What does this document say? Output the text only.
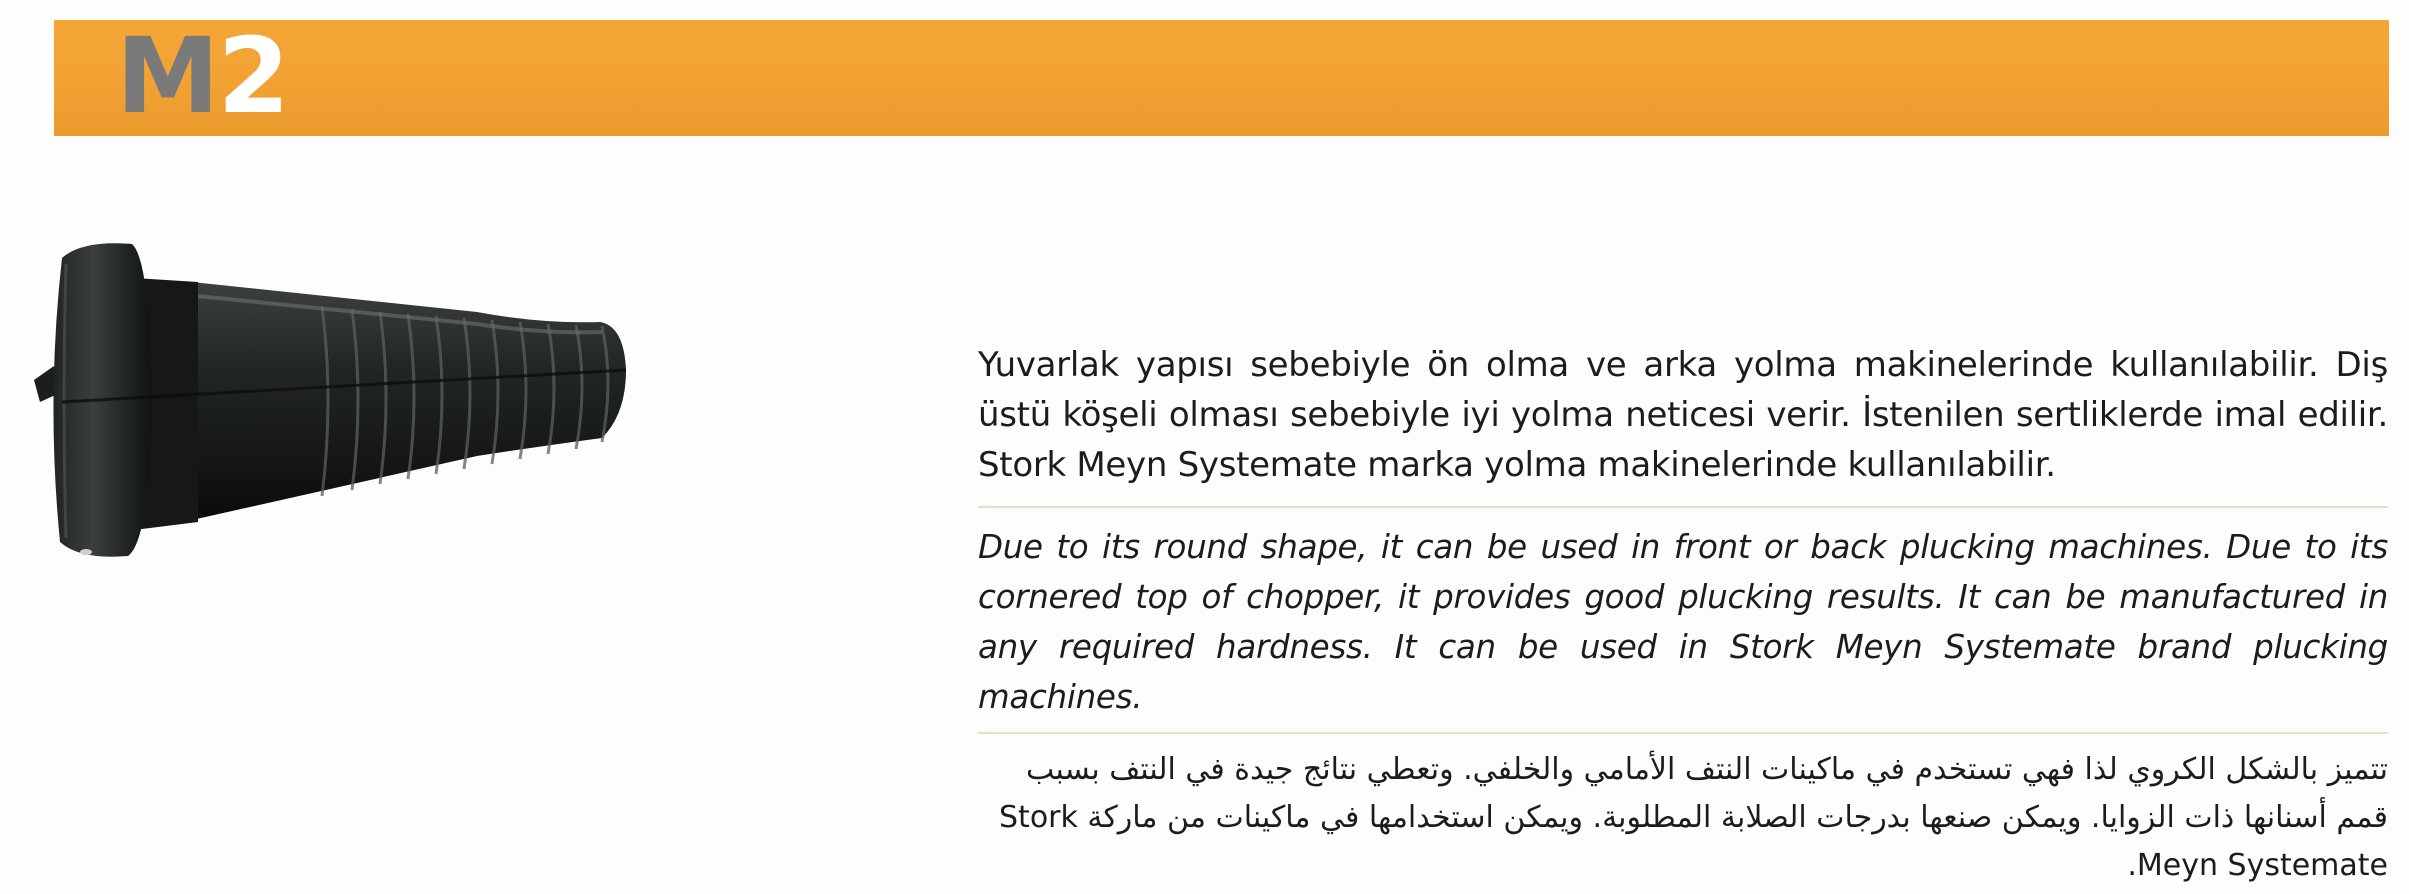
M2
Yuvarlak yapısı sebebiyle ön olma ve arka yolma makinelerinde kullanılabilir. Diş üstü köşeli olması sebebiyle iyi yolma neticesi verir. İstenilen sertliklerde imal edilir. Stork Meyn Systemate marka yolma makinelerinde kullanılabilir.
Due to its round shape, it can be used in front or back plucking machines. Due to its cornered top of chopper, it provides good plucking results. It can be manufactured in any required hardness. It can be used in Stork Meyn Systemate brand plucking machines.
تتميز بالشكل الكروي لذا فهي تستخدم في ماكينات النتف الأمامي والخلفي. وتعطي نتائج جيدة في النتف بسبب قمم أسنانها ذات الزوايا. ويمكن صنعها بدرجات الصلابة المطلوبة. ويمكن استخدامها في ماكينات من ماركة Stork Meyn Systemate.
